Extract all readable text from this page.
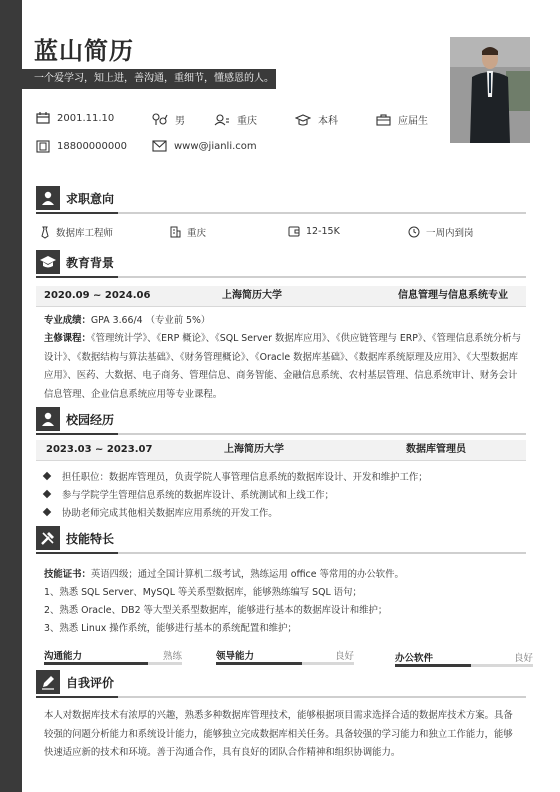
蓝山简历
一个爱学习，知上进，善沟通，重细节，懂感恩的人。
2001.11.10	男	重庆	本科	应届生
18800000000	www@jianli.com
求职意向
数据库工程师	重庆	12-15K	一周内到岗
教育背景
2020.09 ~ 2024.06	上海简历大学	信息管理与信息系统专业
专业成绩：GPA 3.66/4 （专业前 5%）
主修课程：《管理统计学》、《ERP 概论》、《SQL Server 数据库应用》、《供应链管理与 ERP》、《管理信息系统分析与设计》、《数据结构与算法基础》、《财务管理概论》、《Oracle 数据库基础》、《数据库系统原理及应用》、《大型数据库应用》、医药、大数据、电子商务、管理信息、商务智能、金融信息系统、农村基层管理、信息系统审计、财务会计信息管理、企业信息系统应用等专业课程。
校园经历
2023.03 ~ 2023.07	上海简历大学	数据库管理员
担任职位：数据库管理员，负责学院人事管理信息系统的数据库设计、开发和维护工作；
参与学院学生管理信息系统的数据库设计、系统测试和上线工作；
协助老师完成其他相关数据库应用系统的开发工作。
技能特长
技能证书：英语四级；通过全国计算机二级考试，熟练运用 office 等常用的办公软件。
1、熟悉 SQL Server、MySQL 等关系型数据库，能够熟练编写 SQL 语句；
2、熟悉 Oracle、DB2 等大型关系型数据库，能够进行基本的数据库设计和维护；
3、熟悉 Linux 操作系统，能够进行基本的系统配置和维护；
沟通能力	熟练	领导能力	良好	办公软件	良好
自我评价
本人对数据库技术有浓厚的兴趣，熟悉多种数据库管理技术，能够根据项目需求选择合适的数据库技术方案。具备较强的问题分析能力和系统设计能力，能够独立完成数据库相关任务。具备较强的学习能力和独立工作能力，能够快速适应新的技术和环境。善于沟通合作，具有良好的团队合作精神和组织协调能力。
